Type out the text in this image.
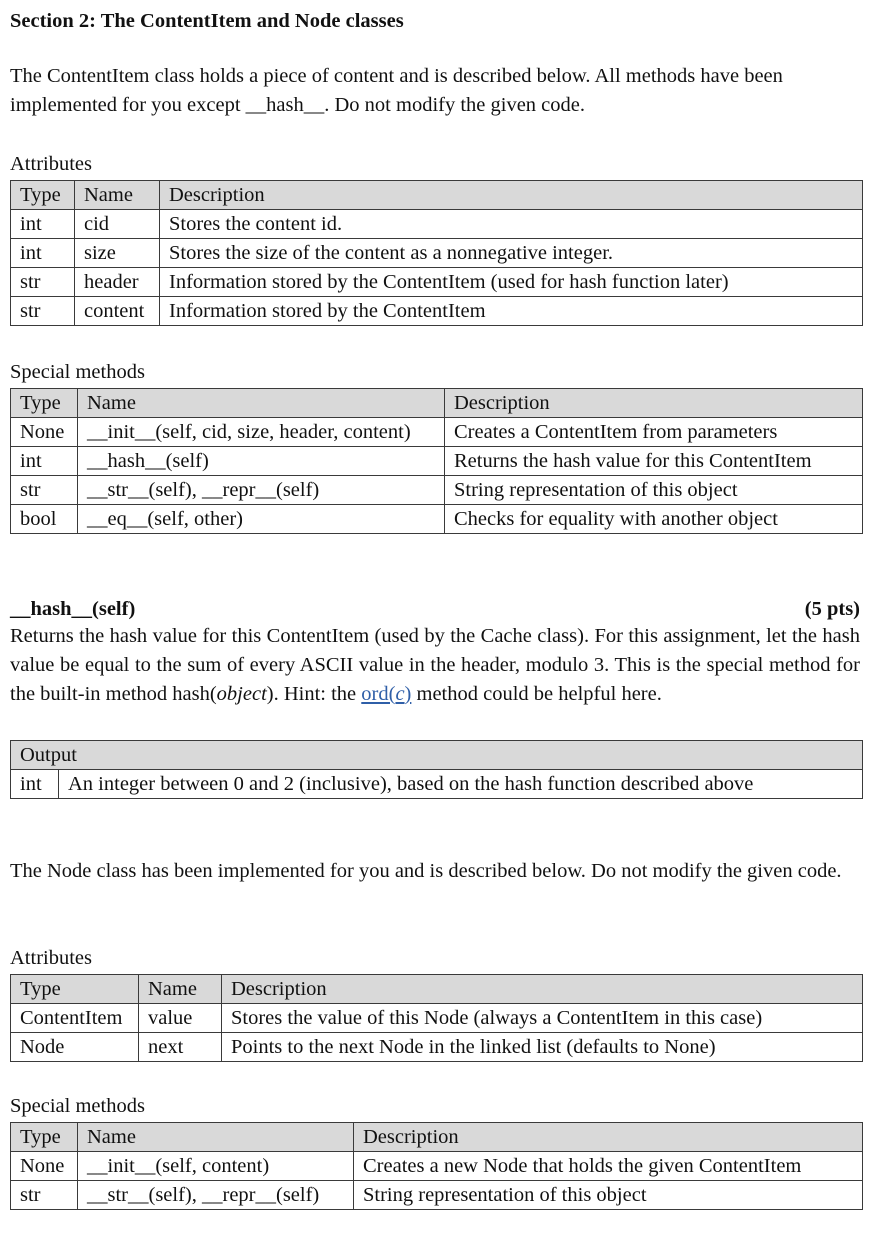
Section 2: The ContentItem and Node classes
The ContentItem class holds a piece of content and is described below. All methods have been implemented for you except __hash__. Do not modify the given code.
Attributes
Type	Name	Description
int	cid	Stores the content id.
int	size	Stores the size of the content as a nonnegative integer.
str	header	Information stored by the ContentItem (used for hash function later)
str	content	Information stored by the ContentItem
Special methods
Type	Name	Description
None	__init__(self, cid, size, header, content)	Creates a ContentItem from parameters
int	__hash__(self)	Returns the hash value for this ContentItem
str	__str__(self), __repr__(self)	String representation of this object
bool	__eq__(self, other)	Checks for equality with another object
__hash__(self)	(5 pts)
Returns the hash value for this ContentItem (used by the Cache class). For this assignment, let the hash value be equal to the sum of every ASCII value in the header, modulo 3. This is the special method for the built-in method hash(object). Hint: the ord(c) method could be helpful here.
Output
int	An integer between 0 and 2 (inclusive), based on the hash function described above
The Node class has been implemented for you and is described below. Do not modify the given code.
Attributes
Type	Name	Description
ContentItem	value	Stores the value of this Node (always a ContentItem in this case)
Node	next	Points to the next Node in the linked list (defaults to None)
Special methods
Type	Name	Description
None	__init__(self, content)	Creates a new Node that holds the given ContentItem
str	__str__(self), __repr__(self)	String representation of this object
